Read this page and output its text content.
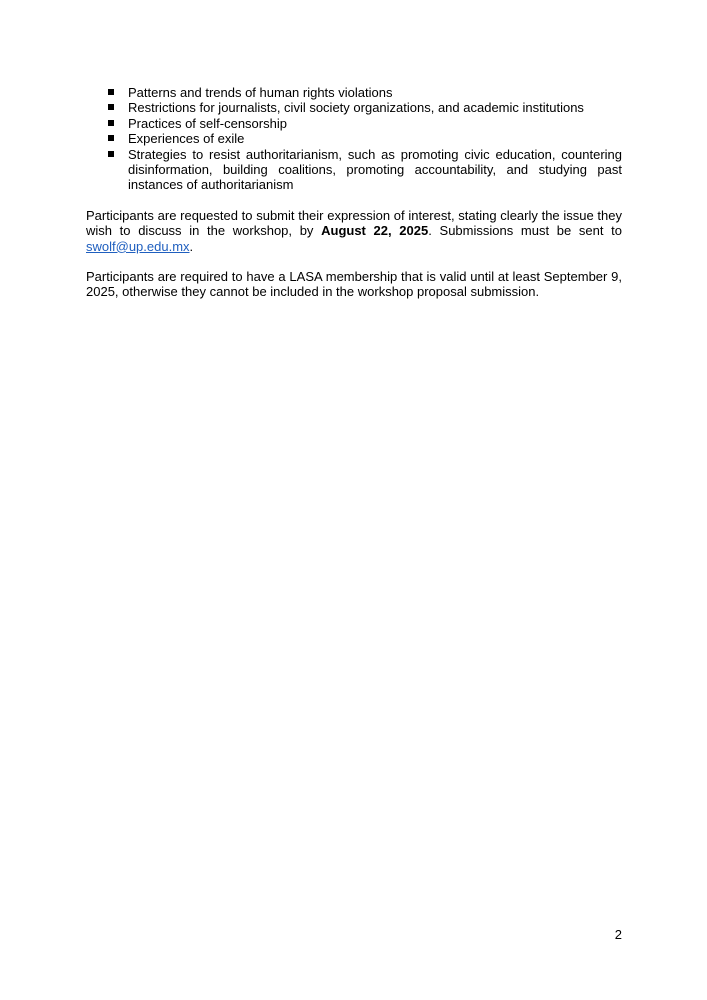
Patterns and trends of human rights violations
Restrictions for journalists, civil society organizations, and academic institutions
Practices of self-censorship
Experiences of exile
Strategies to resist authoritarianism, such as promoting civic education, countering disinformation, building coalitions, promoting accountability, and studying past instances of authoritarianism

Participants are requested to submit their expression of interest, stating clearly the issue they wish to discuss in the workshop, by August 22, 2025. Submissions must be sent to swolf@up.edu.mx.

Participants are required to have a LASA membership that is valid until at least September 9, 2025, otherwise they cannot be included in the workshop proposal submission.

2
